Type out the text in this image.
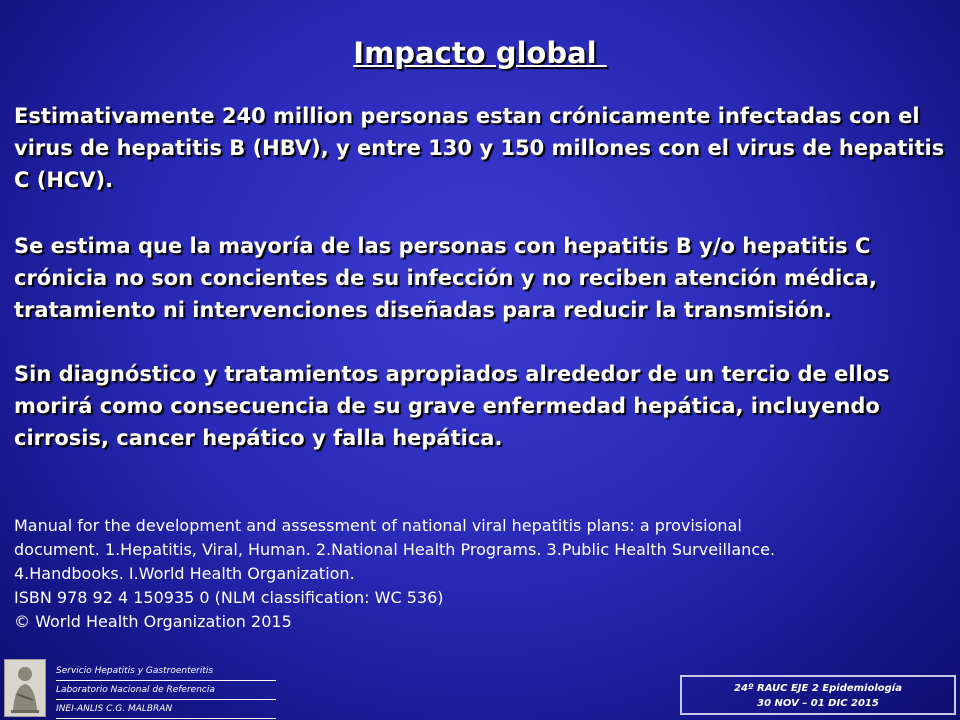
Impacto global

Estimativamente 240 million personas estan crónicamente infectadas con el virus de hepatitis B (HBV), y entre 130 y 150 millones con el virus de hepatitis C (HCV).

Se estima que la mayoría de las personas con hepatitis B y/o hepatitis C crónicia no son concientes de su infección y no reciben atención médica, tratamiento ni intervenciones diseñadas para reducir la transmisión.

Sin diagnóstico y tratamientos apropiados alrededor de un tercio de ellos morirá como consecuencia de su grave enfermedad hepática, incluyendo cirrosis, cancer hepático y falla hepática.

Manual for the development and assessment of national viral hepatitis plans: a provisional
document. 1.Hepatitis, Viral, Human. 2.National Health Programs. 3.Public Health Surveillance.
4.Handbooks. I.World Health Organization.
ISBN 978 92 4 150935 0 (NLM classification: WC 536)
© World Health Organization 2015
Servicio Hepatitis y Gastroenteritis
Laboratorio Nacional de Referencia
INEI-ANLIS C.G. MALBRAN
24º RAUC EJE 2 Epidemiología
30 NOV – 01 DIC 2015
